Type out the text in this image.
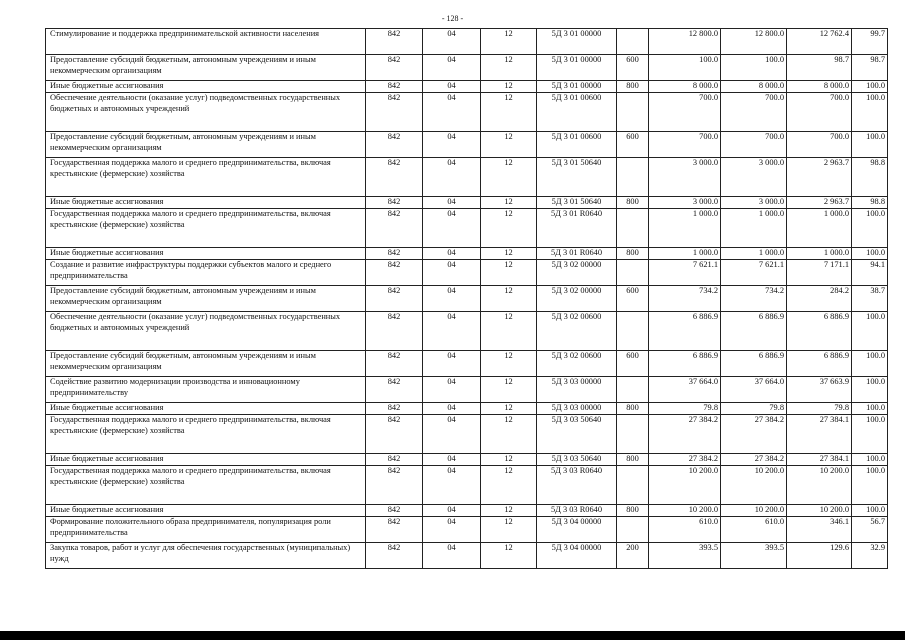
- 128 -
Стимулирование и поддержка предпринимательской активности населения	842	04	12	5Д 3 01 00000		12 800.0	12 800.0	12 762.4	99.7
Предоставление субсидий бюджетным, автономным учреждениям и иным некоммерческим организациям	842	04	12	5Д 3 01 00000	600	100.0	100.0	98.7	98.7
Иные бюджетные ассигнования	842	04	12	5Д 3 01 00000	800	8 000.0	8 000.0	8 000.0	100.0
Обеспечение деятельности (оказание услуг) подведомственных государственных бюджетных и автономных учреждений	842	04	12	5Д 3 01 00600		700.0	700.0	700.0	100.0
Предоставление субсидий бюджетным, автономным учреждениям и иным некоммерческим организациям	842	04	12	5Д 3 01 00600	600	700.0	700.0	700.0	100.0
Государственная поддержка малого и среднего предпринимательства, включая крестьянские (фермерские) хозяйства	842	04	12	5Д 3 01 50640		3 000.0	3 000.0	2 963.7	98.8
Иные бюджетные ассигнования	842	04	12	5Д 3 01 50640	800	3 000.0	3 000.0	2 963.7	98.8
Государственная поддержка малого и среднего предпринимательства, включая крестьянские (фермерские) хозяйства	842	04	12	5Д 3 01 R0640		1 000.0	1 000.0	1 000.0	100.0
Иные бюджетные ассигнования	842	04	12	5Д 3 01 R0640	800	1 000.0	1 000.0	1 000.0	100.0
Создание и развитие инфраструктуры поддержки субъектов малого и среднего предпринимательства	842	04	12	5Д 3 02 00000		7 621.1	7 621.1	7 171.1	94.1
Предоставление субсидий бюджетным, автономным учреждениям и иным некоммерческим организациям	842	04	12	5Д 3 02 00000	600	734.2	734.2	284.2	38.7
Обеспечение деятельности (оказание услуг) подведомственных государственных бюджетных и автономных учреждений	842	04	12	5Д 3 02 00600		6 886.9	6 886.9	6 886.9	100.0
Предоставление субсидий бюджетным, автономным учреждениям и иным некоммерческим организациям	842	04	12	5Д 3 02 00600	600	6 886.9	6 886.9	6 886.9	100.0
Содействие развитию модернизации производства и инновационному предпринимательству	842	04	12	5Д 3 03 00000		37 664.0	37 664.0	37 663.9	100.0
Иные бюджетные ассигнования	842	04	12	5Д 3 03 00000	800	79.8	79.8	79.8	100.0
Государственная поддержка малого и среднего предпринимательства, включая крестьянские (фермерские) хозяйства	842	04	12	5Д 3 03 50640		27 384.2	27 384.2	27 384.1	100.0
Иные бюджетные ассигнования	842	04	12	5Д 3 03 50640	800	27 384.2	27 384.2	27 384.1	100.0
Государственная поддержка малого и среднего предпринимательства, включая крестьянские (фермерские) хозяйства	842	04	12	5Д 3 03 R0640		10 200.0	10 200.0	10 200.0	100.0
Иные бюджетные ассигнования	842	04	12	5Д 3 03 R0640	800	10 200.0	10 200.0	10 200.0	100.0
Формирование положительного образа предпринимателя, популяризация роли предпринимательства	842	04	12	5Д 3 04 00000		610.0	610.0	346.1	56.7
Закупка товаров, работ и услуг для обеспечения государственных (муниципальных) нужд	842	04	12	5Д 3 04 00000	200	393.5	393.5	129.6	32.9
